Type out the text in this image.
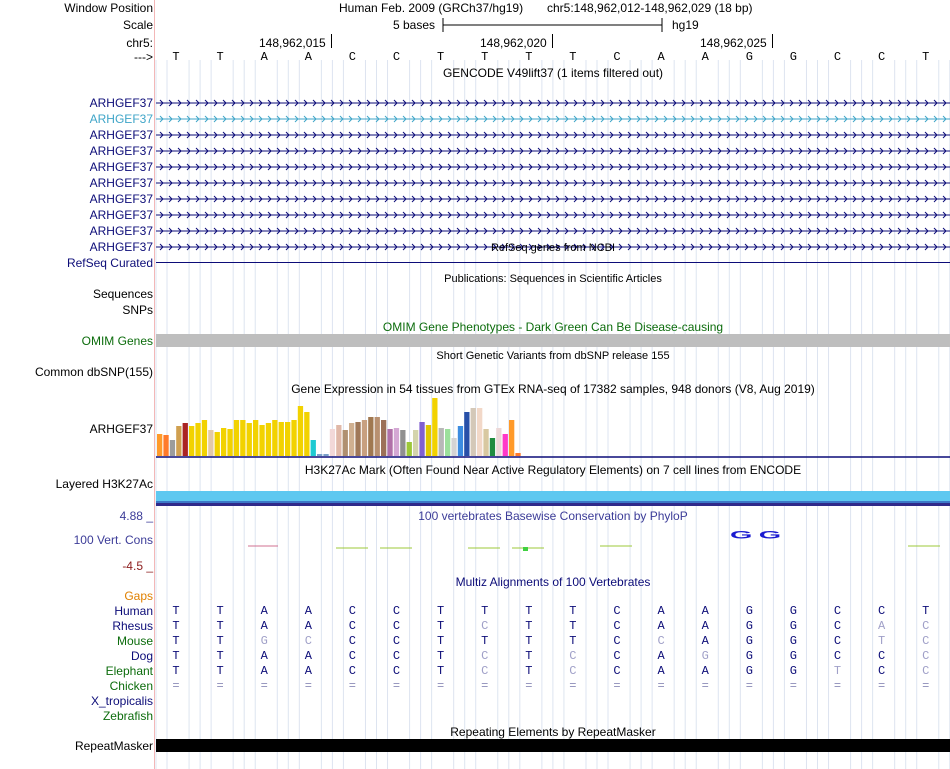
Window Position	Human Feb. 2009 (GRCh37/hg19) chr5:148,962,012-148,962,029 (18 bp)
Scale	5 bases	hg19
chr5:	148,962,015	148,962,020	148,962,025
--->	T	T	A	A	C	C	T	T	T	T	C	A	A	G	G	C	C	T
GENCODE V49lift37 (1 items filtered out)
ARHGEF37
ARHGEF37
ARHGEF37
ARHGEF37
ARHGEF37
ARHGEF37
ARHGEF37
ARHGEF37
ARHGEF37
ARHGEF37	RefSeq genes from NCBI
RefSeq Curated
Publications: Sequences in Scientific Articles
Sequences
SNPs
OMIM Gene Phenotypes - Dark Green Can Be Disease-causing
OMIM Genes
Short Genetic Variants from dbSNP release 155
Common dbSNP(155)
Gene Expression in 54 tissues from GTEx RNA-seq of 17382 samples, 948 donors (V8, Aug 2019)
ARHGEF37
H3K27Ac Mark (Often Found Near Active Regulatory Elements) on 7 cell lines from ENCODE
Layered H3K27Ac
4.88 _	100 vertebrates Basewise Conservation by PhyloP
100 Vert. Cons
-4.5 _
GG
Multiz Alignments of 100 Vertebrates
Gaps
Human	T	T	A	A	C	C	T	T	T	T	C	A	A	G	G	C	C	T
Rhesus	T	T	A	A	C	C	T	C	T	T	C	A	A	G	G	C	A	C
Mouse	T	T	G	C	C	C	T	T	T	T	C	C	A	G	G	C	T	C
Dog	T	T	A	A	C	C	T	C	T	C	C	A	G	G	G	C	C	C
Elephant	T	T	A	A	C	C	T	C	T	C	C	A	A	G	G	T	C	C
Chicken	=	=	=	=	=	=	=	=	=	=	=	=	=	=	=	=	=	=
X_tropicalis
Zebrafish
Repeating Elements by RepeatMasker
RepeatMasker
